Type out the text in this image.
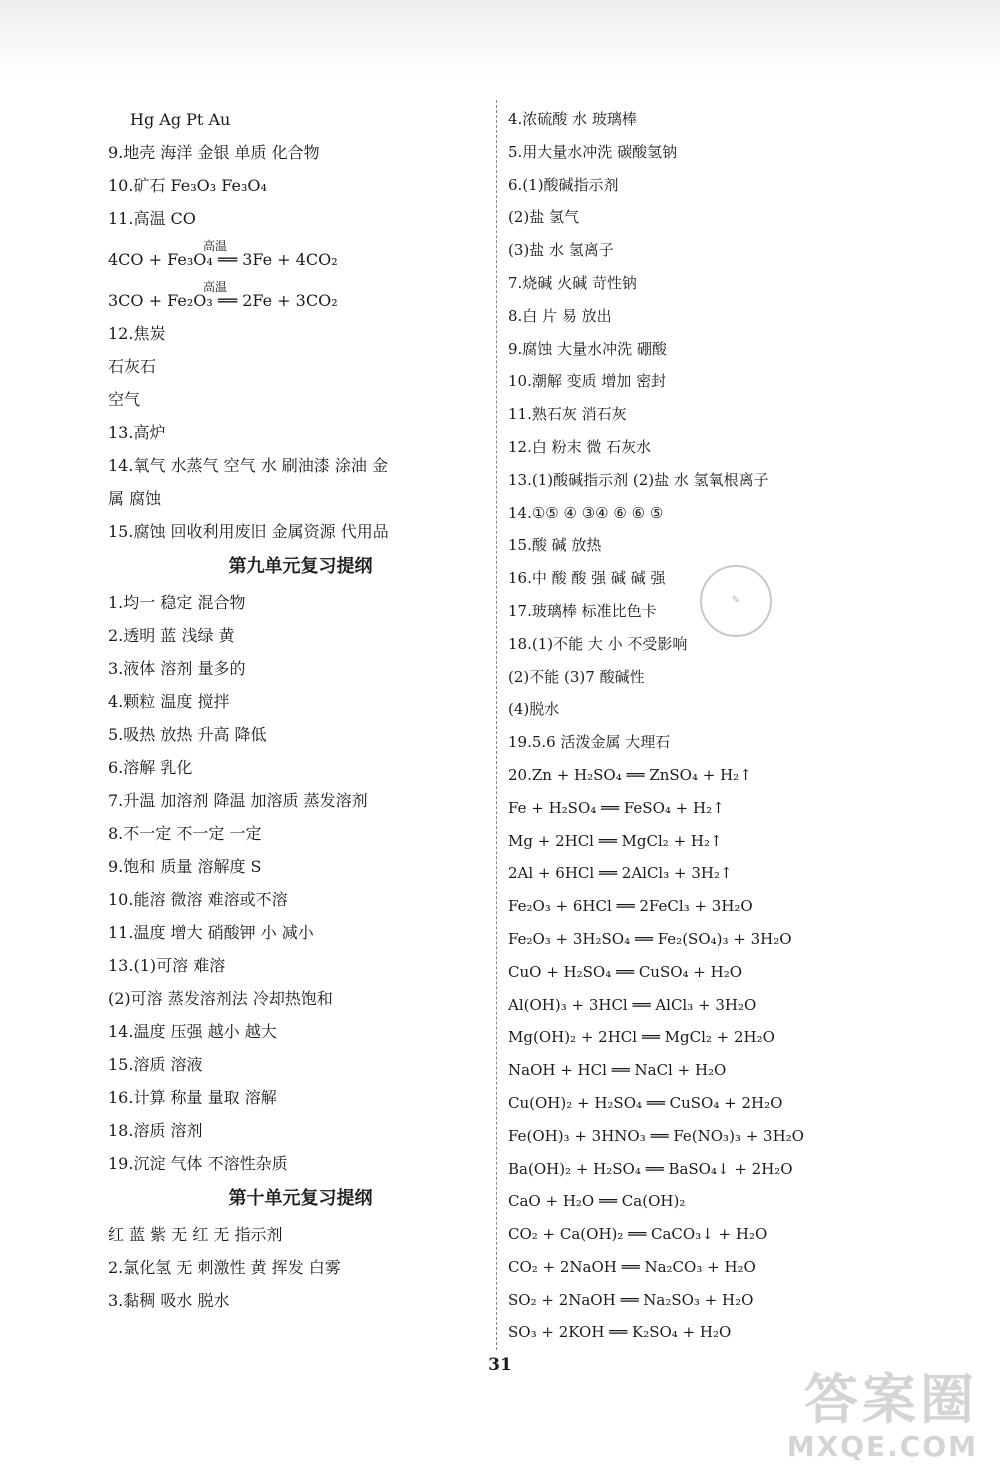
Hg Ag Pt Au
9.地壳 海洋 金银 单质 化合物
10.矿石 Fe₃O₃ Fe₃O₄
11.高温 CO
4CO + Fe₃O₄ ══ 3Fe + 4CO₂
高温
3CO + Fe₂O₃ ══ 2Fe + 3CO₂
高温
12.焦炭
石灰石
空气
13.高炉
14.氧气 水蒸气 空气 水 刷油漆 涂油 金
属 腐蚀
15.腐蚀 回收利用废旧 金属资源 代用品
第九单元复习提纲
1.均一 稳定 混合物
2.透明 蓝 浅绿 黄
3.液体 溶剂 量多的
4.颗粒 温度 搅拌
5.吸热 放热 升高 降低
6.溶解 乳化
7.升温 加溶剂 降温 加溶质 蒸发溶剂
8.不一定 不一定 一定
9.饱和 质量 溶解度 S
10.能溶 微溶 难溶或不溶
11.温度 增大 硝酸钾 小 减小
13.(1)可溶 难溶
(2)可溶 蒸发溶剂法 冷却热饱和
14.温度 压强 越小 越大
15.溶质 溶液
16.计算 称量 量取 溶解
18.溶质 溶剂
19.沉淀 气体 不溶性杂质
第十单元复习提纲
红 蓝 紫 无 红 无 指示剂
2.氯化氢 无 刺激性 黄 挥发 白雾
3.黏稠 吸水 脱水
4.浓硫酸 水 玻璃棒
5.用大量水冲洗 碳酸氢钠
6.(1)酸碱指示剂
(2)盐 氢气
(3)盐 水 氢离子
7.烧碱 火碱 苛性钠
8.白 片 易 放出
9.腐蚀 大量水冲洗 硼酸
10.潮解 变质 增加 密封
11.熟石灰 消石灰
12.白 粉末 微 石灰水
13.(1)酸碱指示剂 (2)盐 水 氢氧根离子
14.①⑤ ④ ③④ ⑥ ⑥ ⑤
15.酸 碱 放热
16.中 酸 酸 强 碱 碱 强
17.玻璃棒 标准比色卡
18.(1)不能 大 小 不受影响
(2)不能 (3)7 酸碱性
(4)脱水
19.5.6 活泼金属 大理石
20.Zn + H₂SO₄ ══ ZnSO₄ + H₂↑
Fe + H₂SO₄ ══ FeSO₄ + H₂↑
Mg + 2HCl ══ MgCl₂ + H₂↑
2Al + 6HCl ══ 2AlCl₃ + 3H₂↑
Fe₂O₃ + 6HCl ══ 2FeCl₃ + 3H₂O
Fe₂O₃ + 3H₂SO₄ ══ Fe₂(SO₄)₃ + 3H₂O
CuO + H₂SO₄ ══ CuSO₄ + H₂O
Al(OH)₃ + 3HCl ══ AlCl₃ + 3H₂O
Mg(OH)₂ + 2HCl ══ MgCl₂ + 2H₂O
NaOH + HCl ══ NaCl + H₂O
Cu(OH)₂ + H₂SO₄ ══ CuSO₄ + 2H₂O
Fe(OH)₃ + 3HNO₃ ══ Fe(NO₃)₃ + 3H₂O
Ba(OH)₂ + H₂SO₄ ══ BaSO₄↓ + 2H₂O
CaO + H₂O ══ Ca(OH)₂
CO₂ + Ca(OH)₂ ══ CaCO₃↓ + H₂O
CO₂ + 2NaOH ══ Na₂CO₃ + H₂O
SO₂ + 2NaOH ══ Na₂SO₃ + H₂O
SO₃ + 2KOH ══ K₂SO₄ + H₂O
✎
31
答案圈
MXQE.COM
